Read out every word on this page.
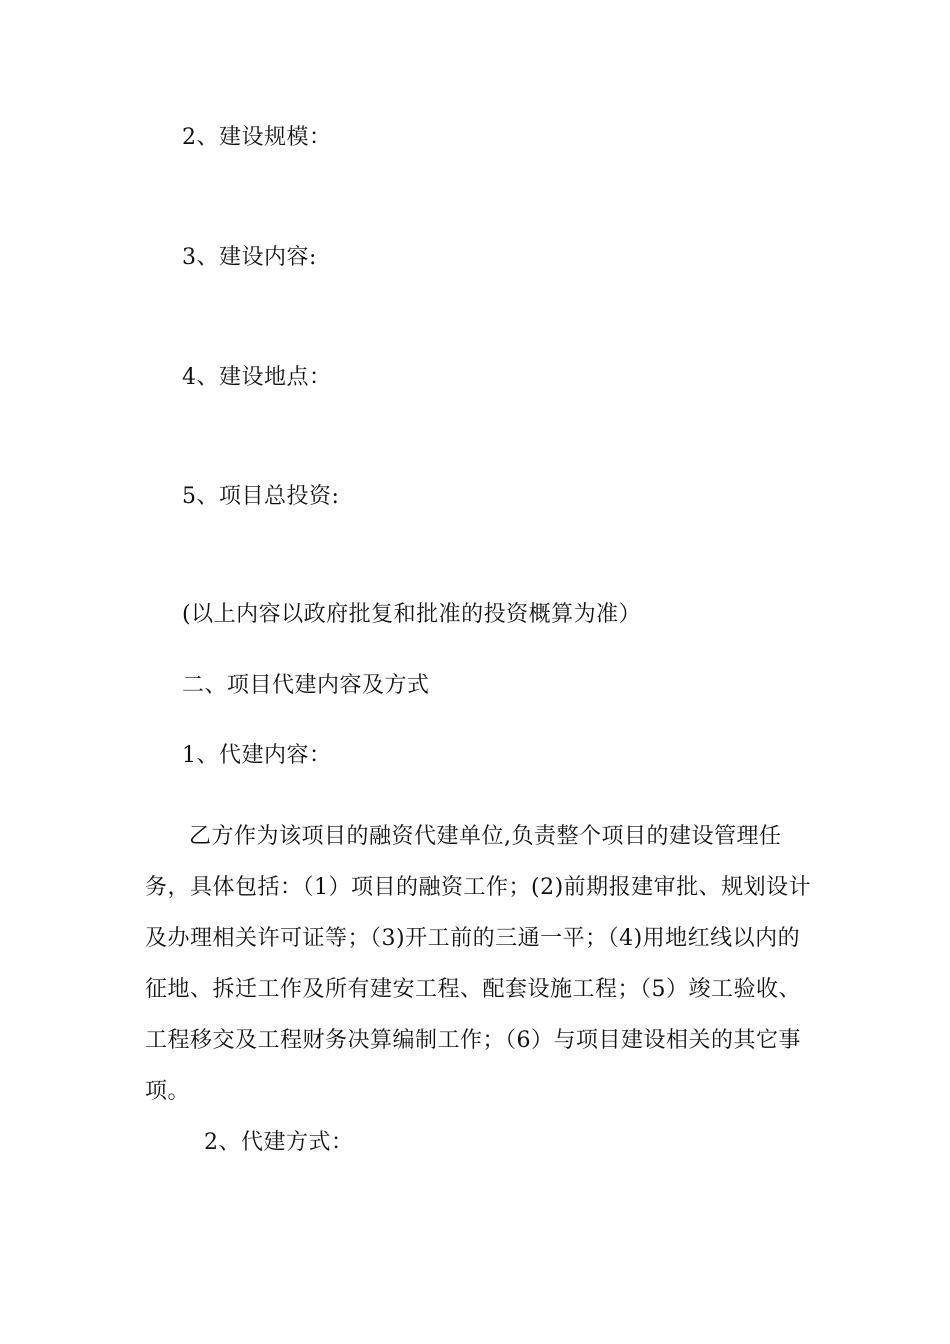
2、建设规模：
3、建设内容:
4、建设地点：
5、项目总投资:
(以上内容以政府批复和批准的投资概算为准）
二、项目代建内容及方式
1、代建内容：

乙方作为该项目的融资代建单位,负责整个项目的建设管理任务，具体包括：（1）项目的融资工作；(2)前期报建审批、规划设计及办理相关许可证等；（3)开工前的三通一平；（4)用地红线以内的征地、拆迁工作及所有建安工程、配套设施工程；（5）竣工验收、工程移交及工程财务决算编制工作；（6）与项目建设相关的其它事项。

2、代建方式：
